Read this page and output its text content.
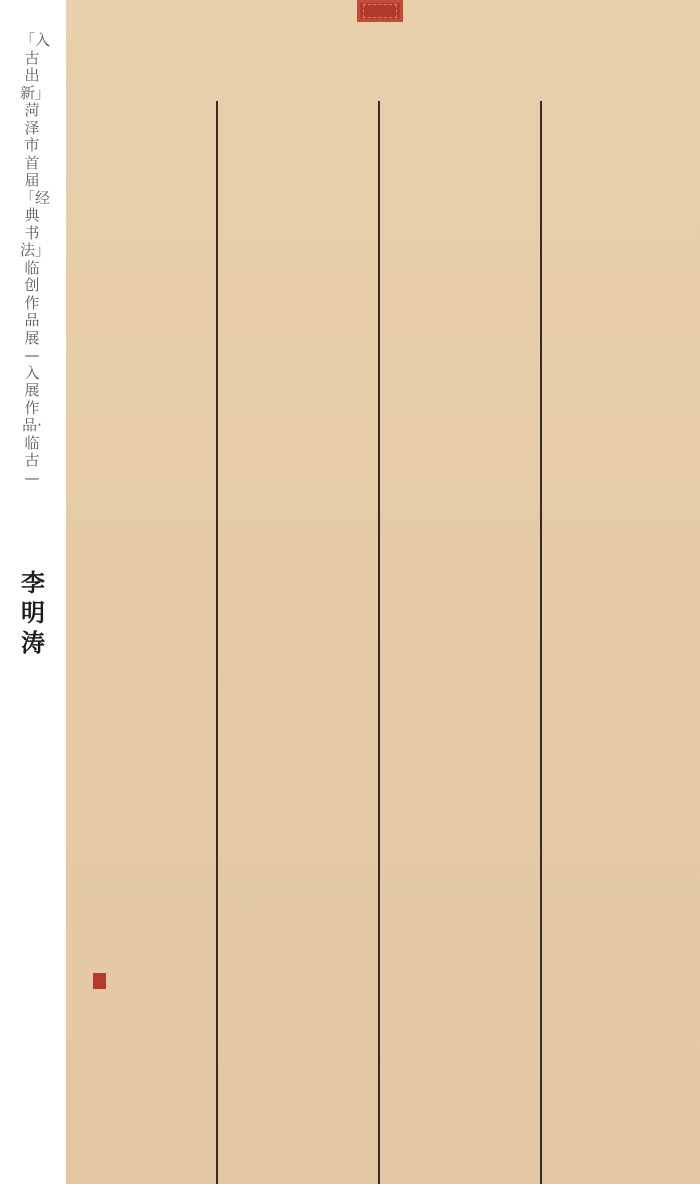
「入古出新」
菏泽市首届「经典书法」
临创作品展
—入展作品·临古—
李明涛
